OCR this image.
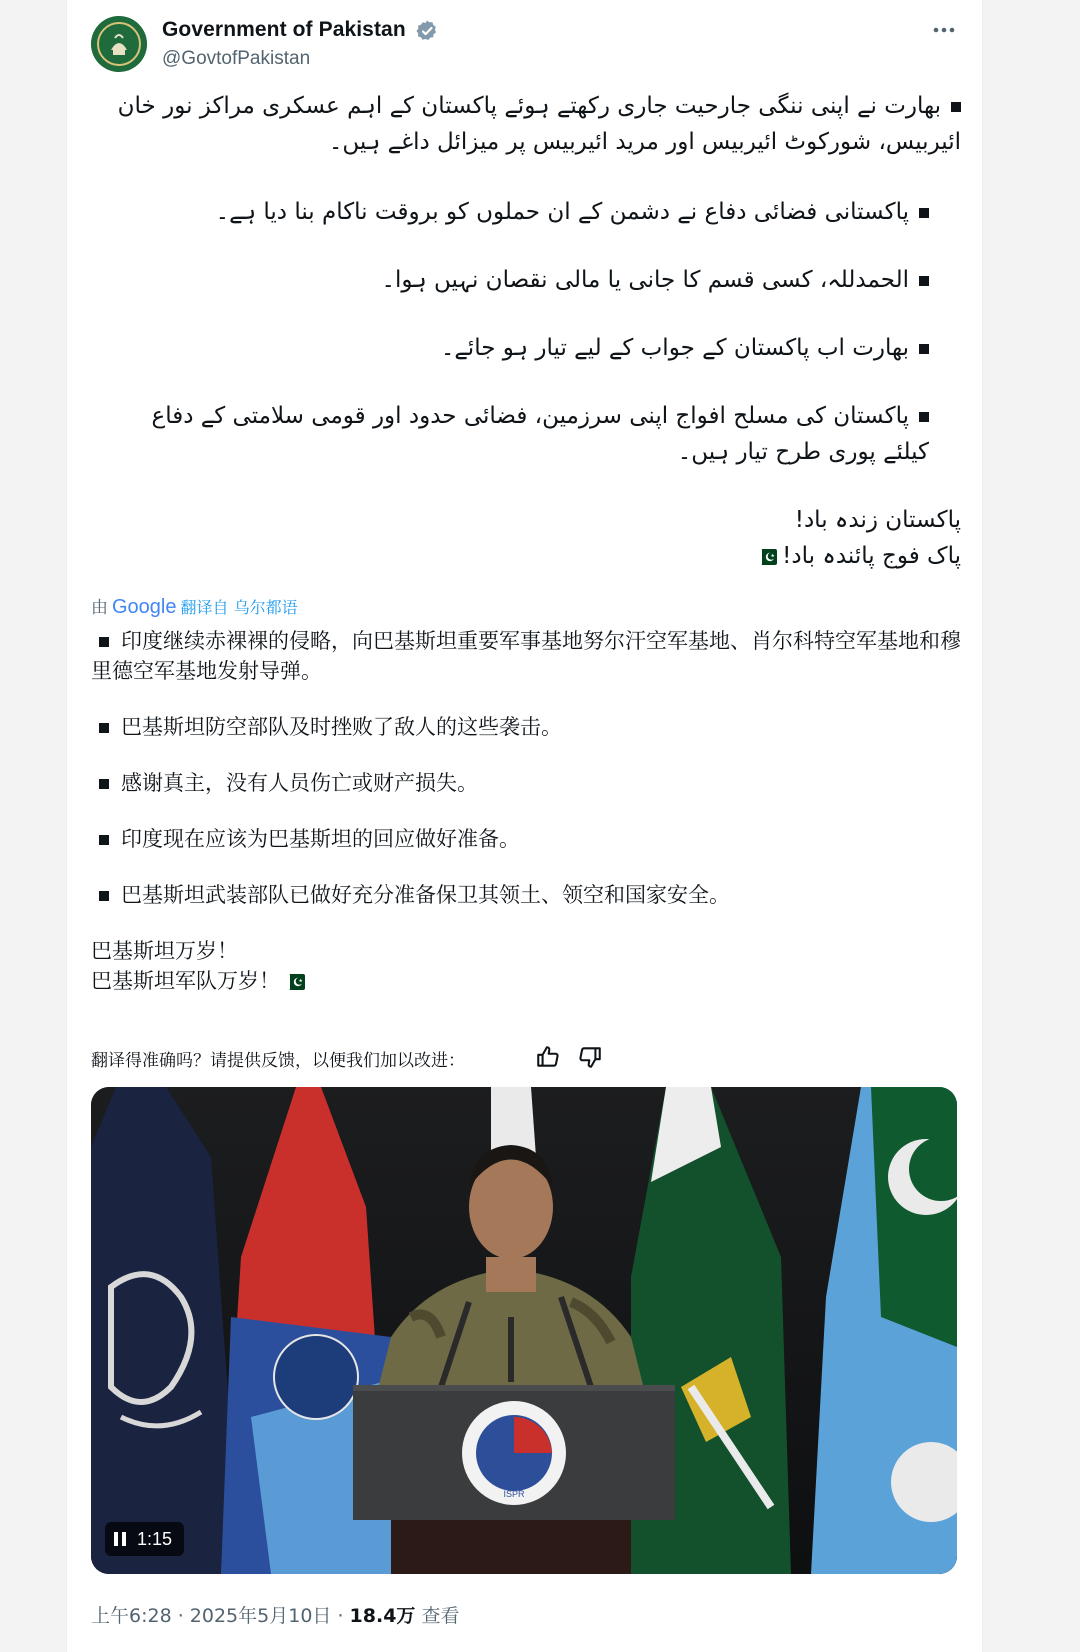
Government of Pakistan
@GovtofPakistan

بھارت نے اپنی ننگی جارحیت جاری رکھتے ہوئے پاکستان کے اہم عسکری مراکز نور خان ائیربیس، شورکوٹ ائیربیس اور مرید ائیربیس پر میزائل داغے ہیں۔

پاکستانی فضائی دفاع نے دشمن کے ان حملوں کو بروقت ناکام بنا دیا ہے۔

الحمدللہ، کسی قسم کا جانی یا مالی نقصان نہیں ہوا۔

بھارت اب پاکستان کے جواب کے لیے تیار ہو جائے۔

پاکستان کی مسلح افواج اپنی سرزمین، فضائی حدود اور قومی سلامتی کے دفاع کیلئے پوری طرح تیار ہیں۔

پاکستان زندہ باد!

پاک فوج پائندہ باد!

由 Google 翻译自 乌尔都语

印度继续赤裸裸的侵略，向巴基斯坦重要军事基地努尔汗空军基地、肖尔科特空军基地和穆里德空军基地发射导弹。

巴基斯坦防空部队及时挫败了敌人的这些袭击。

感谢真主，没有人员伤亡或财产损失。

印度现在应该为巴基斯坦的回应做好准备。

巴基斯坦武装部队已做好充分准备保卫其领土、领空和国家安全。

巴基斯坦万岁！

巴基斯坦军队万岁！

翻译得准确吗？请提供反馈，以便我们加以改进：
ISPR
1:15
上午6:28 · 2025年5月10日 · 18.4万 查看
